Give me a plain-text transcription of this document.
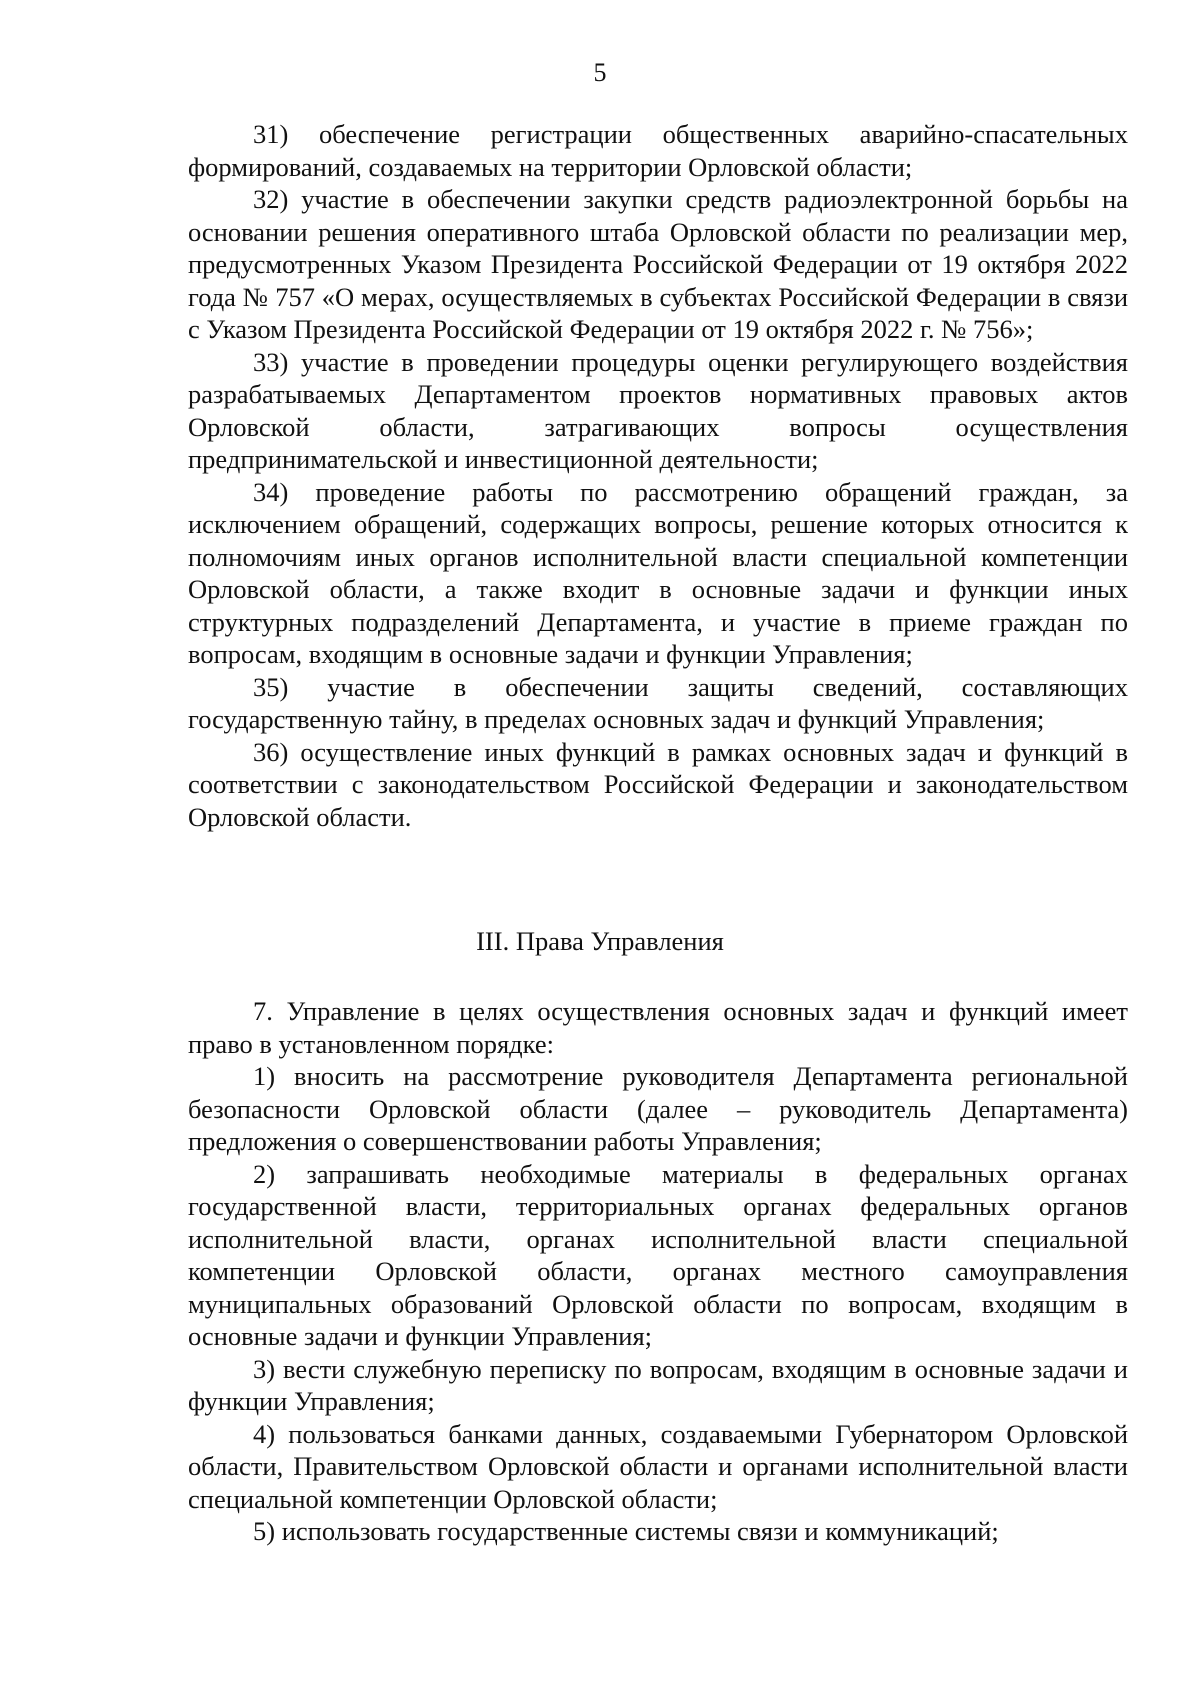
5

31) обеспечение регистрации общественных аварийно-спасательных формирований, создаваемых на территории Орловской области;

32) участие в обеспечении закупки средств радиоэлектронной борьбы на основании решения оперативного штаба Орловской области по реализации мер, предусмотренных Указом Президента Российской Федерации от 19 октября 2022 года № 757 «О мерах, осуществляемых в субъектах Российской Федерации в связи с Указом Президента Российской Федерации от 19 октября 2022 г. № 756»;

33) участие в проведении процедуры оценки регулирующего воздействия разрабатываемых Департаментом проектов нормативных правовых актов Орловской области, затрагивающих вопросы осуществления предпринимательской и инвестиционной деятельности;

34) проведение работы по рассмотрению обращений граждан, за исключением обращений, содержащих вопросы, решение которых относится к полномочиям иных органов исполнительной власти специальной компетенции Орловской области, а также входит в основные задачи и функции иных структурных подразделений Департамента, и участие в приеме граждан по вопросам, входящим в основные задачи и функции Управления;

35) участие в обеспечении защиты сведений, составляющих государственную тайну, в пределах основных задач и функций Управления;

36) осуществление иных функций в рамках основных задач и функций в соответствии с законодательством Российской Федерации и законодательством Орловской области.

III. Права Управления

7. Управление в целях осуществления основных задач и функций имеет право в установленном порядке:

1) вносить на рассмотрение руководителя Департамента региональной безопасности Орловской области (далее – руководитель Департамента) предложения о совершенствовании работы Управления;

2) запрашивать необходимые материалы в федеральных органах государственной власти, территориальных органах федеральных органов исполнительной власти, органах исполнительной власти специальной компетенции Орловской области, органах местного самоуправления муниципальных образований Орловской области по вопросам, входящим в основные задачи и функции Управления;

3) вести служебную переписку по вопросам, входящим в основные задачи и функции Управления;

4) пользоваться банками данных, создаваемыми Губернатором Орловской области, Правительством Орловской области и органами исполнительной власти специальной компетенции Орловской области;

5) использовать государственные системы связи и коммуникаций;
